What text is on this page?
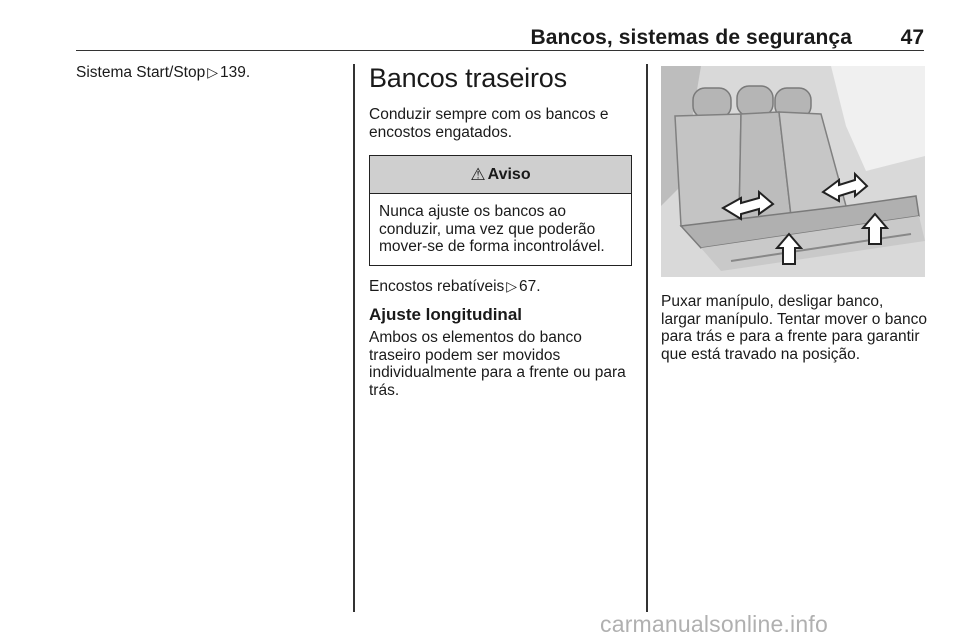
Bancos, sistemas de segurança 47

Sistema Start/Stop ▷ 139.	Bancos traseiros

Conduzir sempre com os bancos e encostos engatados.

⚠ Aviso
Nunca ajuste os bancos ao conduzir, uma vez que poderão mover-se de forma incontrolável.

Encostos rebatíveis ▷ 67.

Ajuste longitudinal

Ambos os elementos do banco traseiro podem ser movidos individualmente para a frente ou para trás.

Puxar manípulo, desligar banco, largar manípulo. Tentar mover o banco para trás e para a frente para garantir que está travado na posição.

carmanualsonline.info
